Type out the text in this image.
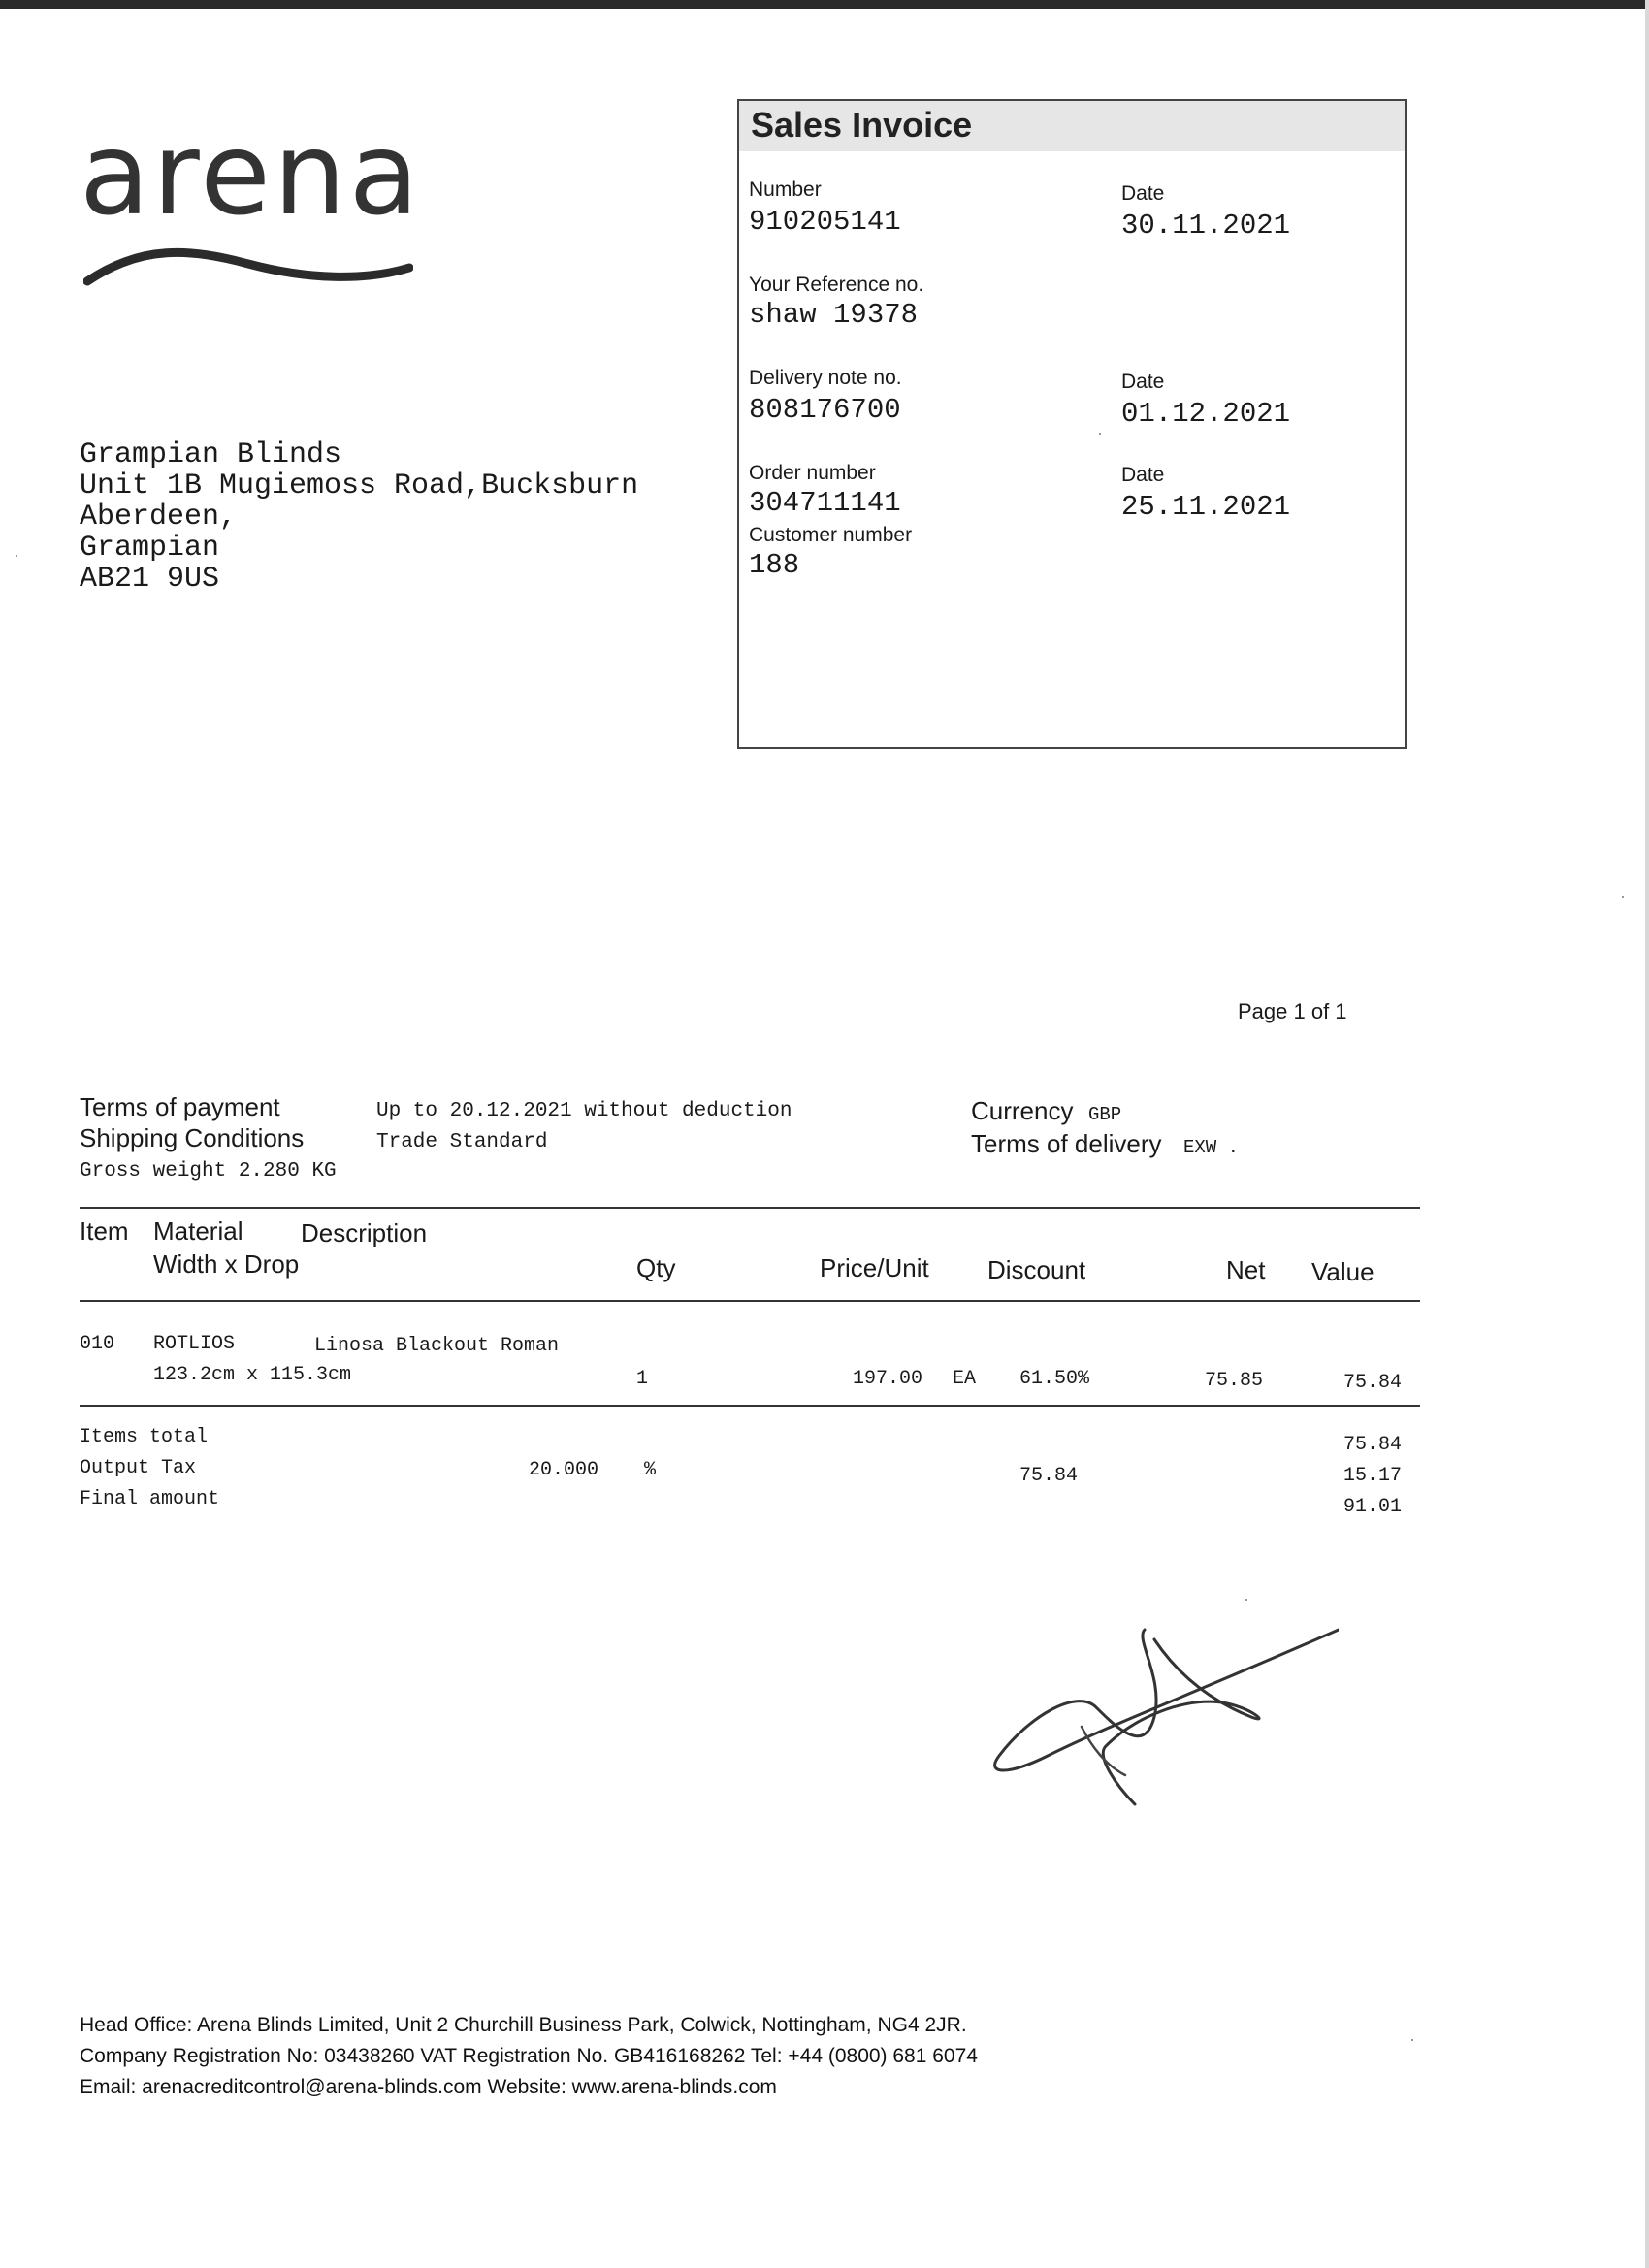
arena
Grampian Blinds
Unit 1B Mugiemoss Road,Bucksburn
Aberdeen,
Grampian
AB21 9US
Sales Invoice
Number
910205141
Date
30.11.2021
Your Reference no.
shaw 19378
Delivery note no.
808176700
Date
01.12.2021
Order number
304711141
Date
25.11.2021
Customer number
188
Page 1 of 1
Terms of payment	Up to 20.12.2021 without deduction
Shipping Conditions	Trade Standard
Gross weight 2.280 KG
Currency GBP
Terms of delivery EXW .
Item Material Description
Width x Drop	Qty	Price/Unit Discount	Net Value
010 ROTLIOS	Linosa Blackout Roman
123.2cm x 115.3cm	1	197.00 EA 61.50%	75.85	75.84
Items total	75.84
Output Tax	20.000 %	75.84	15.17
Final amount	91.01
Head Office: Arena Blinds Limited, Unit 2 Churchill Business Park, Colwick, Nottingham, NG4 2JR.
Company Registration No: 03438260 VAT Registration No. GB416168262 Tel: +44 (0800) 681 6074
Email: arenacreditcontrol@arena-blinds.com Website: www.arena-blinds.com
